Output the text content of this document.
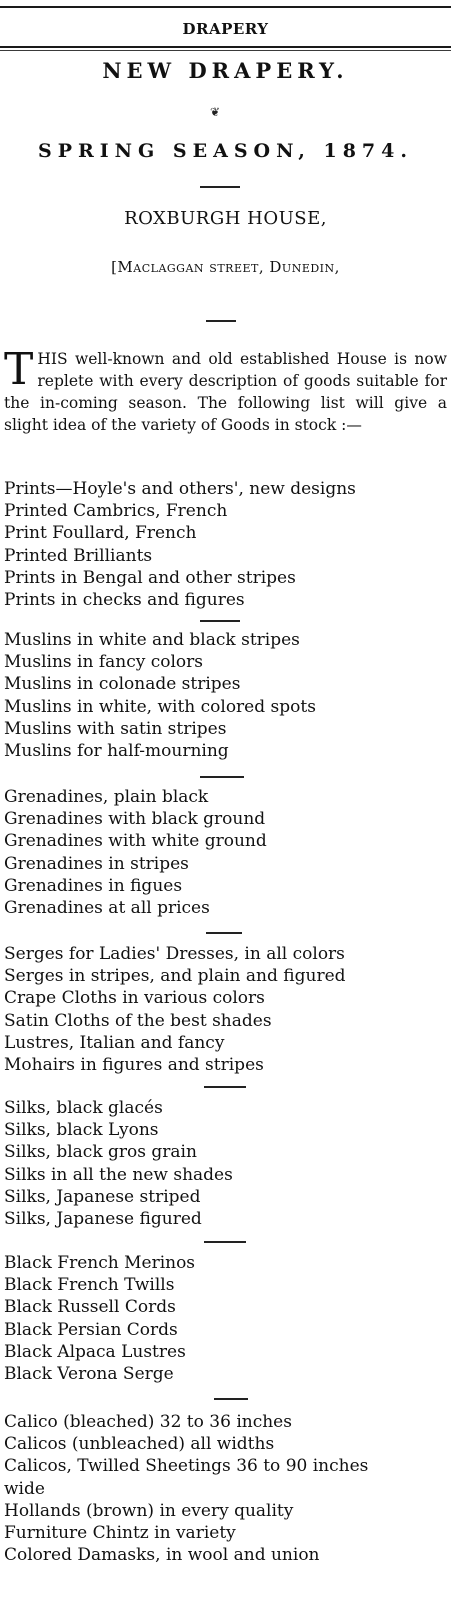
DRAPERY
NEW DRAPERY.
❦
SPRING SEASON, 1874.
ROXBURGH HOUSE,
[Maclaggan street, Dunedin,
THIS well-known and old established House is now replete with every description of goods suitable for the in-coming season. The following list will give a slight idea of the variety of Goods in stock :—
Prints—Hoyle's and others', new designs
Printed Cambrics, French
Print Foullard, French
Printed Brilliants
Prints in Bengal and other stripes
Prints in checks and figures
Muslins in white and black stripes
Muslins in fancy colors
Muslins in colonade stripes
Muslins in white, with colored spots
Muslins with satin stripes
Muslins for half-mourning
Grenadines, plain black
Grenadines with black ground
Grenadines with white ground
Grenadines in stripes
Grenadines in figues
Grenadines at all prices
Serges for Ladies' Dresses, in all colors
Serges in stripes, and plain and figured
Crape Cloths in various colors
Satin Cloths of the best shades
Lustres, Italian and fancy
Mohairs in figures and stripes
Silks, black glacés
Silks, black Lyons
Silks, black gros grain
Silks in all the new shades
Silks, Japanese striped
Silks, Japanese figured
Black French Merinos
Black French Twills
Black Russell Cords
Black Persian Cords
Black Alpaca Lustres
Black Verona Serge
Calico (bleached) 32 to 36 inches
Calicos (unbleached) all widths
Calicos, Twilled Sheetings 36 to 90 inches
wide
Hollands (brown) in every quality
Furniture Chintz in variety
Colored Damasks, in wool and union
